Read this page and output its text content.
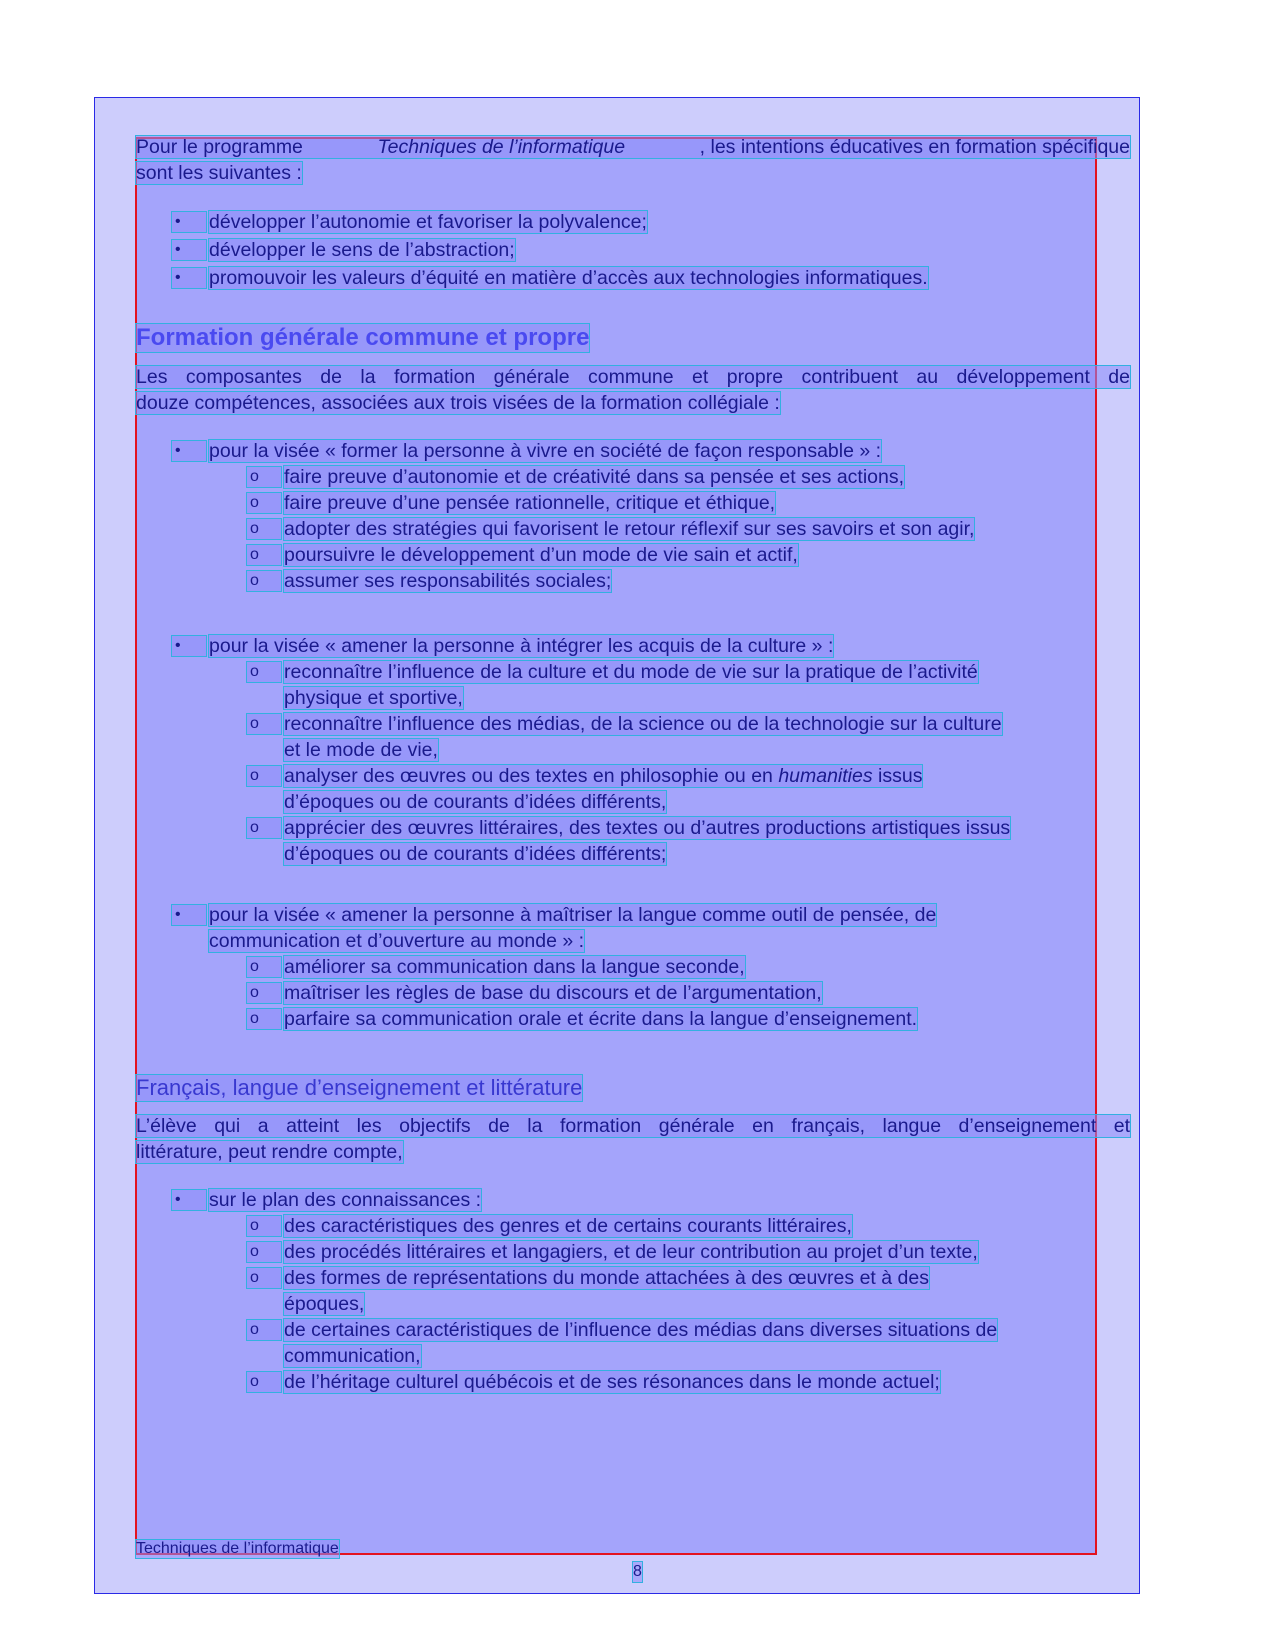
Pour le programme	Techniques de l’informatique	, les intentions éducatives en formation spécifique
sont les suivantes :
•	développer l’autonomie et favoriser la polyvalence;
•	développer le sens de l’abstraction;
•	promouvoir les valeurs d’équité en matière d’accès aux technologies informatiques.
Formation générale commune et propre
Les composantes de la formation générale commune et propre contribuent au développement de
douze compétences, associées aux trois visées de la formation collégiale :
•	pour la visée « former la personne à vivre en société de façon responsable » :
o	faire preuve d’autonomie et de créativité dans sa pensée et ses actions,
o	faire preuve d’une pensée rationnelle, critique et éthique,
o	adopter des stratégies qui favorisent le retour réflexif sur ses savoirs et son agir,
o	poursuivre le développement d’un mode de vie sain et actif,
o	assumer ses responsabilités sociales;
•	pour la visée « amener la personne à intégrer les acquis de la culture » :
o	reconnaître l’influence de la culture et du mode de vie sur la pratique de l’activité
physique et sportive,
o	reconnaître l’influence des médias, de la science ou de la technologie sur la culture
et le mode de vie,
o	analyser des œuvres ou des textes en philosophie ou en humanities issus
d’époques ou de courants d’idées différents,
o	apprécier des œuvres littéraires, des textes ou d’autres productions artistiques issus
d’époques ou de courants d’idées différents;
•	pour la visée « amener la personne à maîtriser la langue comme outil de pensée, de
communication et d’ouverture au monde » :
o	améliorer sa communication dans la langue seconde,
o	maîtriser les règles de base du discours et de l’argumentation,
o	parfaire sa communication orale et écrite dans la langue d’enseignement.
Français, langue d’enseignement et littérature
L’élève qui a atteint les objectifs de la formation générale en français, langue d’enseignement et
littérature, peut rendre compte,
•	sur le plan des connaissances :
o	des caractéristiques des genres et de certains courants littéraires,
o	des procédés littéraires et langagiers, et de leur contribution au projet d’un texte,
o	des formes de représentations du monde attachées à des œuvres et à des
époques,
o	de certaines caractéristiques de l’influence des médias dans diverses situations de
communication,
o	de l’héritage culturel québécois et de ses résonances dans le monde actuel;
Techniques de l’informatique
8
